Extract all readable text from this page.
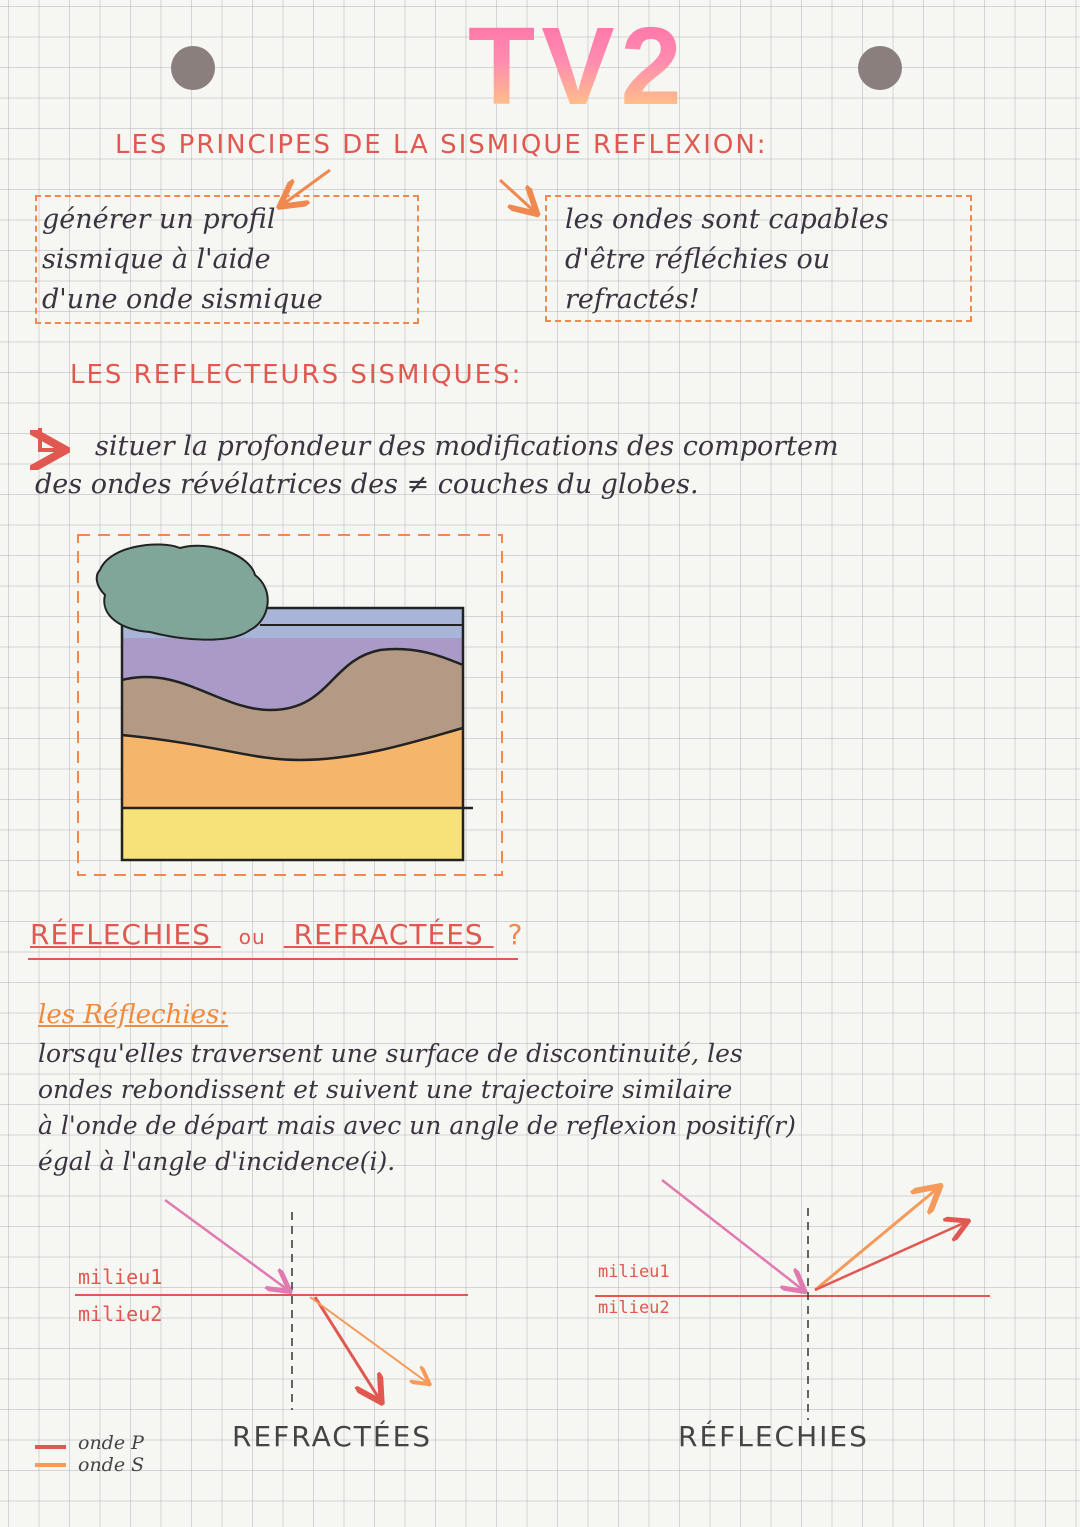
TV2
LES PRINCIPES DE LA SISMIQUE REFLEXION:
générer un profil
sismique à l'aide
d'une onde sismique
les ondes sont capables
d'être réfléchies ou
refractés!
LES REFLECTEURS SISMIQUES:
situer la profondeur des modifications des comportem
des ondes révélatrices des ≠ couches du globes.
RÉFLECHIES ou REFRACTÉES ?
les Réflechies:
lorsqu'elles traversent une surface de discontinuité, les
ondes rebondissent et suivent une trajectoire similaire
à l'onde de départ mais avec un angle de reflexion positif(r)
égal à l'angle d'incidence(i).
milieu1
milieu2
REFRACTÉES
milieu1
milieu2
RÉFLECHIES
onde P
onde S
